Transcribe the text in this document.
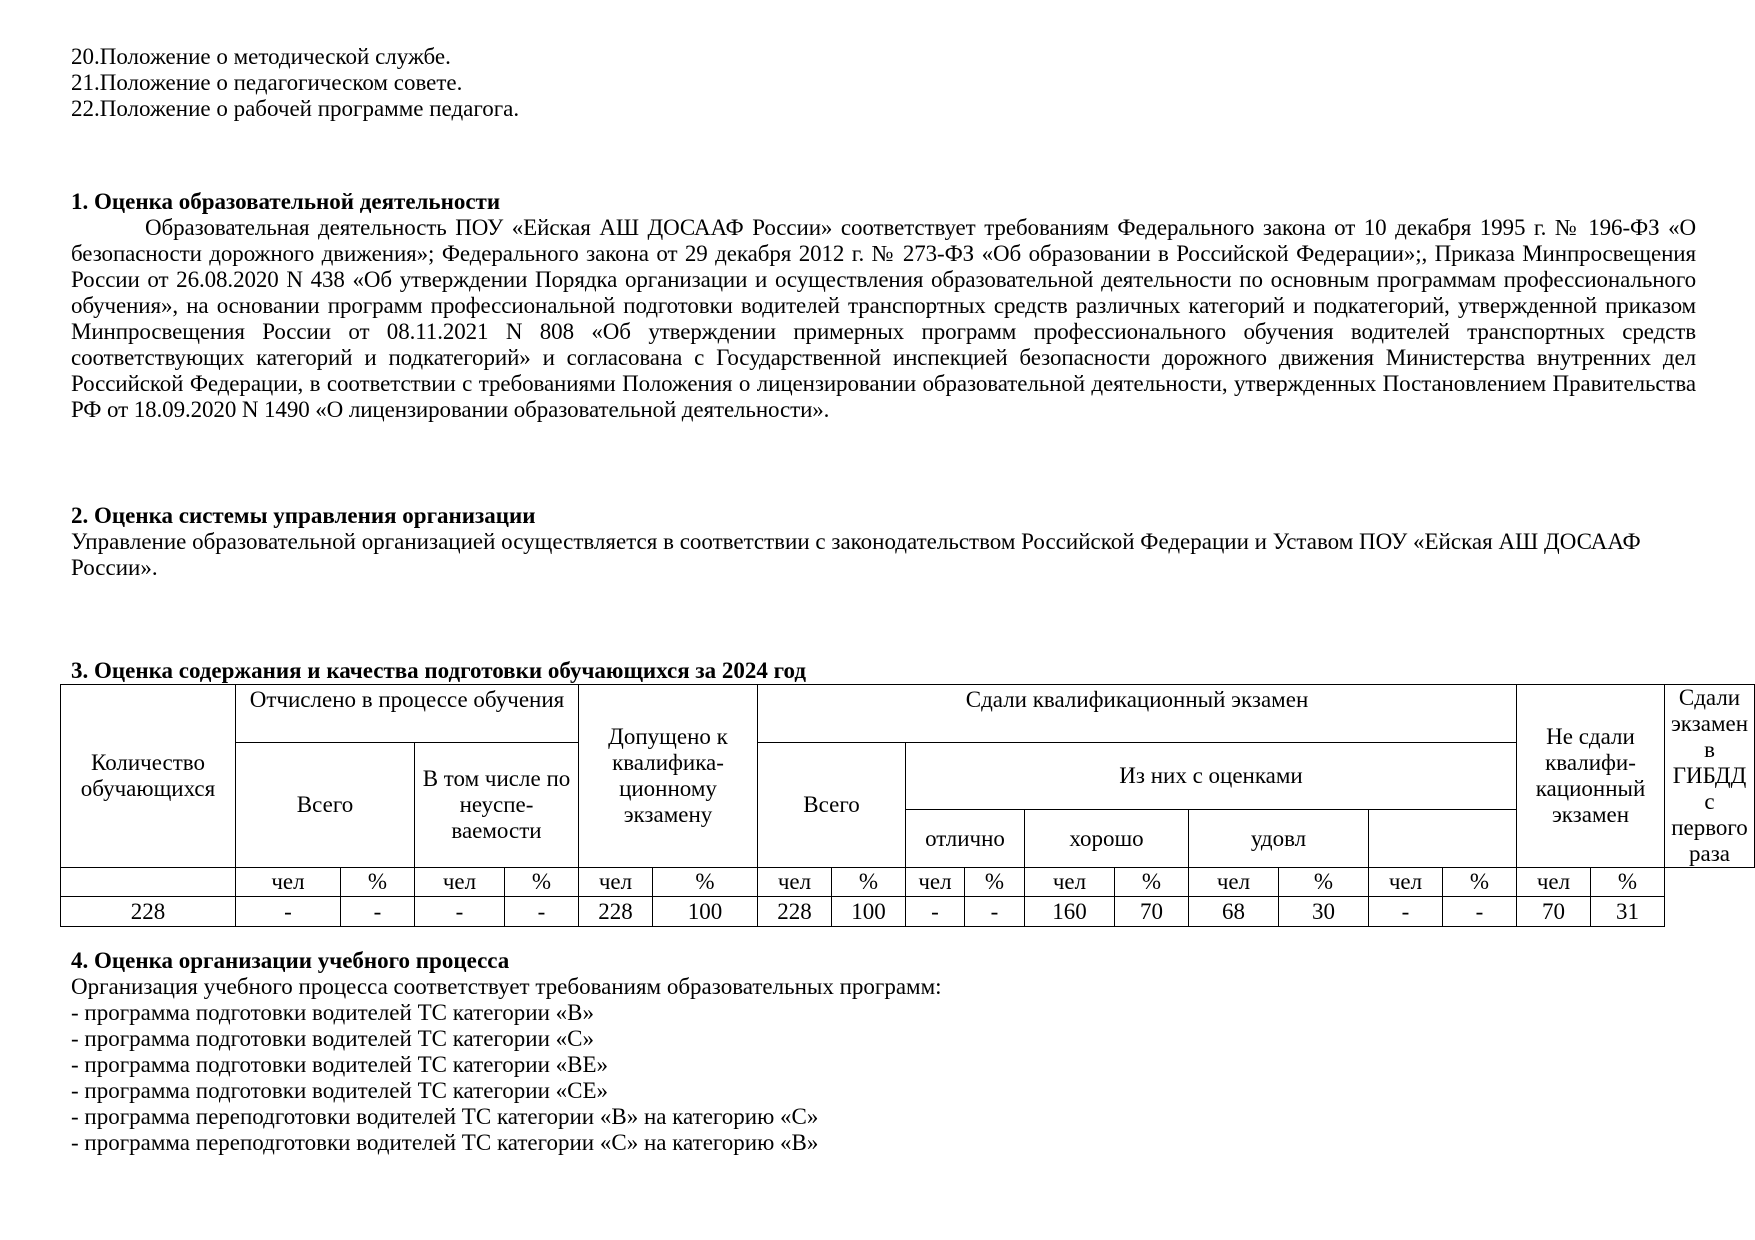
20.Положение о методической службе.
21.Положение о педагогическом совете.
22.Положение о рабочей программе педагога.
1. Оценка образовательной деятельности
Образовательная деятельность ПОУ «Ейская АШ ДОСААФ России» соответствует требованиям Федерального закона от 10 декабря 1995 г. № 196-ФЗ «О безопасности дорожного движения»; Федерального закона от 29 декабря 2012 г. № 273-ФЗ «Об образовании в Российской Федерации»;, Приказа Минпросвещения России от 26.08.2020 N 438 «Об утверждении Порядка организации и осуществления образовательной деятельности по основным программам профессионального обучения», на основании программ профессиональной подготовки водителей транспортных средств различных категорий и подкатегорий, утвержденной приказом Минпросвещения России от 08.11.2021 N 808 «Об утверждении примерных программ профессионального обучения водителей транспортных средств соответствующих категорий и подкатегорий» и согласована с Государственной инспекцией безопасности дорожного движения Министерства внутренних дел Российской Федерации, в соответствии с требованиями Положения о лицензировании образовательной деятельности, утвержденных Постановлением Правительства РФ от 18.09.2020 N 1490 «О лицензировании образовательной деятельности».
2. Оценка системы управления организации
Управление образовательной организацией осуществляется в соответствии с законодательством Российской Федерации и Уставом ПОУ «Ейская АШ ДОСААФ России».
3. Оценка содержания и качества подготовки обучающихся за 2024 год
Количество обучающихся	Отчислено в процессе обучения				Допущено к квалифика-ционному экзамену		Сдали квалификационный экзамен										Не сдали квалифи-кационный экзамен		Сдали экзамен в ГИБДД с первого раза
	Всего		В том числе по неуспе-ваемости				Всего		Из них с оценками										
									отлично		хорошо		удовл						
	чел	%	чел	%	чел	%	чел	%	чел	%	чел	%	чел	%	чел	%	чел	%	
228	-	-	-	-	228	100	228	100	-	-	160	70	68	30	-	-	70	31	
4. Оценка организации учебного процесса
Организация учебного процесса соответствует требованиям образовательных программ:
- программа подготовки водителей ТС категории «В»
- программа подготовки водителей ТС категории «С»
- программа подготовки водителей ТС категории «ВЕ»
- программа подготовки водителей ТС категории «СЕ»
- программа переподготовки водителей ТС категории «В» на категорию «С»
- программа переподготовки водителей ТС категории «С» на категорию «В»
